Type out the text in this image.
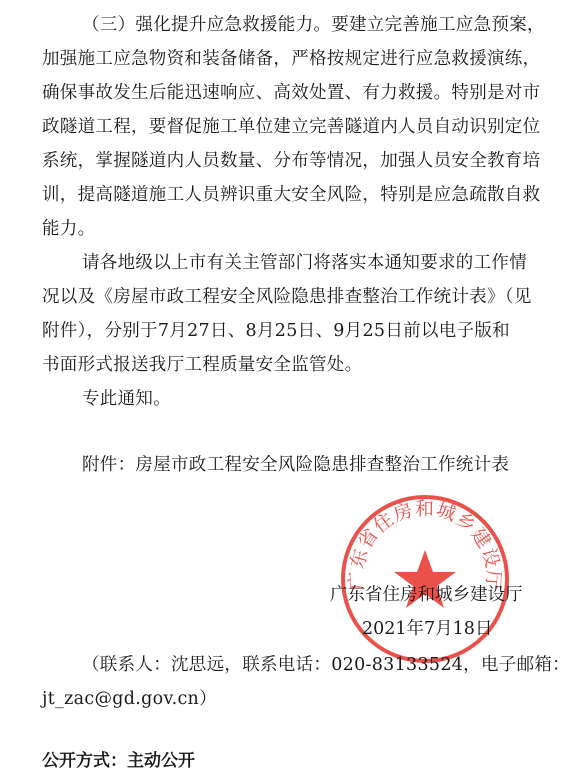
（三）强化提升应急救援能力。要建立完善施工应急预案，
加强施工应急物资和装备储备，严格按规定进行应急救援演练，
确保事故发生后能迅速响应、高效处置、有力救援。特别是对市
政隧道工程，要督促施工单位建立完善隧道内人员自动识别定位
系统，掌握隧道内人员数量、分布等情况，加强人员安全教育培
训，提高隧道施工人员辨识重大安全风险，特别是应急疏散自救
能力。
请各地级以上市有关主管部门将落实本通知要求的工作情
况以及《房屋市政工程安全风险隐患排查整治工作统计表》（见
附件），分别于7月27日、8月25日、9月25日前以电子版和
书面形式报送我厅工程质量安全监管处。
专此通知。
附件：房屋市政工程安全风险隐患排查整治工作统计表
广东省住房和城乡建设厅
广东省住房和城乡建设厅
2021年7月18日
（联系人：沈思远，联系电话：020-83133524，电子邮箱：
jt_zac@gd.gov.cn）
公开方式：主动公开
